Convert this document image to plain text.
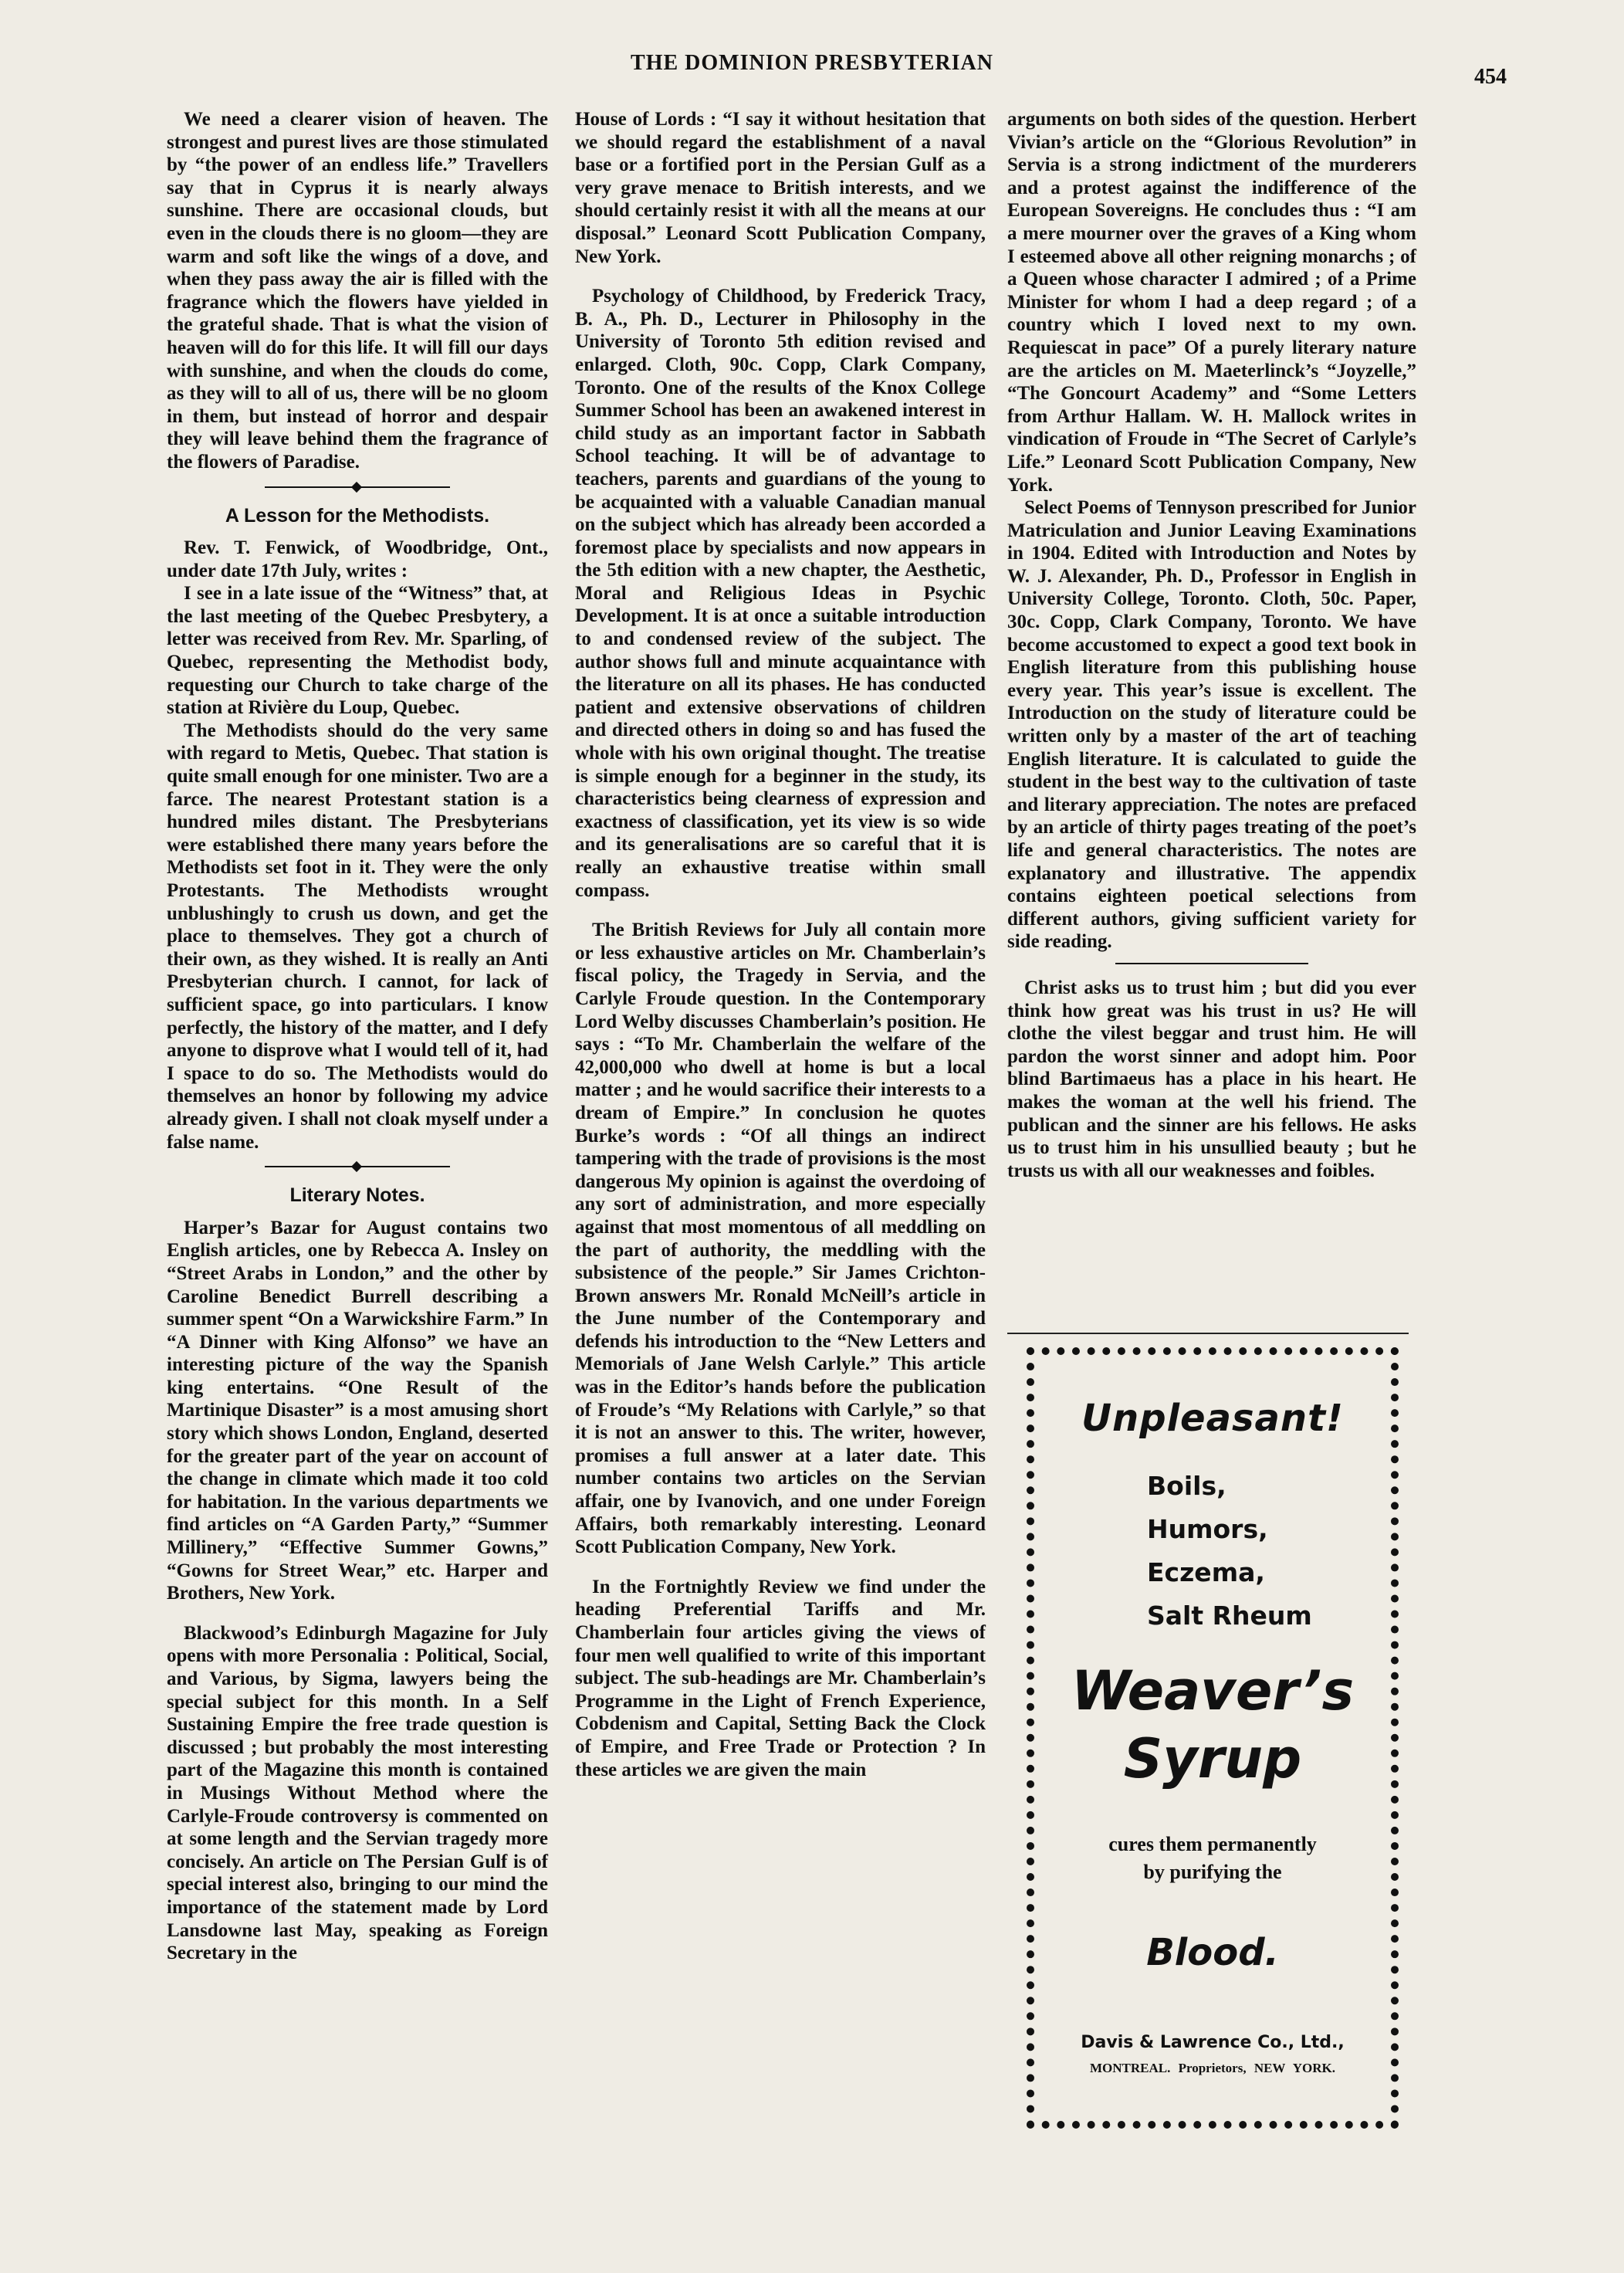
THE DOMINION PRESBYTERIAN
454

We need a clearer vision of heaven. The strongest and purest lives are those stimulated by “the power of an endless life.” Travellers say that in Cyprus it is nearly always sunshine. There are occasional clouds, but even in the clouds there is no gloom—they are warm and soft like the wings of a dove, and when they pass away the air is filled with the fragrance which the flowers have yielded in the grateful shade. That is what the vision of heaven will do for this life. It will fill our days with sunshine, and when the clouds do come, as they will to all of us, there will be no gloom in them, but instead of horror and despair they will leave behind them the fragrance of the flowers of Paradise.

A Lesson for the Methodists.

Rev. T. Fenwick, of Woodbridge, Ont., under date 17th July, writes :

I see in a late issue of the “Witness” that, at the last meeting of the Quebec Presbytery, a letter was received from Rev. Mr. Sparling, of Quebec, representing the Methodist body, requesting our Church to take charge of the station at Rivière du Loup, Quebec.

The Methodists should do the very same with regard to Metis, Quebec. That station is quite small enough for one minister. Two are a farce. The nearest Protestant station is a hundred miles distant. The Presbyterians were established there many years before the Methodists set foot in it. They were the only Protestants. The Methodists wrought unblushingly to crush us down, and get the place to themselves. They got a church of their own, as they wished. It is really an Anti Presbyterian church. I cannot, for lack of sufficient space, go into particulars. I know perfectly, the history of the matter, and I defy anyone to disprove what I would tell of it, had I space to do so. The Methodists would do themselves an honor by following my advice already given. I shall not cloak myself under a false name.

Literary Notes.

Harper’s Bazar for August contains two English articles, one by Rebecca A. Insley on “Street Arabs in London,” and the other by Caroline Benedict Burrell describing a summer spent “On a Warwickshire Farm.” In “A Dinner with King Alfonso” we have an interesting picture of the way the Spanish king entertains. “One Result of the Martinique Disaster” is a most amusing short story which shows London, England, deserted for the greater part of the year on account of the change in climate which made it too cold for habitation. In the various departments we find articles on “A Garden Party,” “Summer Millinery,” “Effective Summer Gowns,” “Gowns for Street Wear,” etc. Harper and Brothers, New York.

Blackwood’s Edinburgh Magazine for July opens with more Personalia : Political, Social, and Various, by Sigma, lawyers being the special subject for this month. In a Self Sustaining Empire the free trade question is discussed ; but probably the most interesting part of the Magazine this month is contained in Musings Without Method where the Carlyle-Froude controversy is commented on at some length and the Servian tragedy more concisely. An article on The Persian Gulf is of special interest also, bringing to our mind the importance of the statement made by Lord Lansdowne last May, speaking as Foreign Secretary in the

House of Lords : “I say it without hesitation that we should regard the establishment of a naval base or a fortified port in the Persian Gulf as a very grave menace to British interests, and we should certainly resist it with all the means at our disposal.” Leonard Scott Publication Company, New York.

Psychology of Childhood, by Frederick Tracy, B. A., Ph. D., Lecturer in Philosophy in the University of Toronto 5th edition revised and enlarged. Cloth, 90c. Copp, Clark Company, Toronto. One of the results of the Knox College Summer School has been an awakened interest in child study as an important factor in Sabbath School teaching. It will be of advantage to teachers, parents and guardians of the young to be acquainted with a valuable Canadian manual on the subject which has already been accorded a foremost place by specialists and now appears in the 5th edition with a new chapter, the Aesthetic, Moral and Religious Ideas in Psychic Development. It is at once a suitable introduction to and condensed review of the subject. The author shows full and minute acquaintance with the literature on all its phases. He has conducted patient and extensive observations of children and directed others in doing so and has fused the whole with his own original thought. The treatise is simple enough for a beginner in the study, its characteristics being clearness of expression and exactness of classification, yet its view is so wide and its generalisations are so careful that it is really an exhaustive treatise within small compass.

The British Reviews for July all contain more or less exhaustive articles on Mr. Chamberlain’s fiscal policy, the Tragedy in Servia, and the Carlyle Froude question. In the Contemporary Lord Welby discusses Chamberlain’s position. He says : “To Mr. Chamberlain the welfare of the 42,000,000 who dwell at home is but a local matter ; and he would sacrifice their interests to a dream of Empire.” In conclusion he quotes Burke’s words : “Of all things an indirect tampering with the trade of provisions is the most dangerous My opinion is against the overdoing of any sort of administration, and more especially against that most momentous of all meddling on the part of authority, the meddling with the subsistence of the people.” Sir James Crichton-Brown answers Mr. Ronald McNeill’s article in the June number of the Contemporary and defends his introduction to the “New Letters and Memorials of Jane Welsh Carlyle.” This article was in the Editor’s hands before the publication of Froude’s “My Relations with Carlyle,” so that it is not an answer to this. The writer, however, promises a full answer at a later date. This number contains two articles on the Servian affair, one by Ivanovich, and one under Foreign Affairs, both remarkably interesting. Leonard Scott Publication Company, New York.

In the Fortnightly Review we find under the heading Preferential Tariffs and Mr. Chamberlain four articles giving the views of four men well qualified to write of this important subject. The sub-headings are Mr. Chamberlain’s Programme in the Light of French Experience, Cobdenism and Capital, Setting Back the Clock of Empire, and Free Trade or Protection ? In these articles we are given the main

arguments on both sides of the question. Herbert Vivian’s article on the “Glorious Revolution” in Servia is a strong indictment of the murderers and a protest against the indifference of the European Sovereigns. He concludes thus : “I am a mere mourner over the graves of a King whom I esteemed above all other reigning monarchs ; of a Queen whose character I admired ; of a Prime Minister for whom I had a deep regard ; of a country which I loved next to my own. Requiescat in pace” Of a purely literary nature are the articles on M. Maeterlinck’s “Joyzelle,” “The Goncourt Academy” and “Some Letters from Arthur Hallam. W. H. Mallock writes in vindication of Froude in “The Secret of Carlyle’s Life.” Leonard Scott Publication Company, New York.

Select Poems of Tennyson prescribed for Junior Matriculation and Junior Leaving Examinations in 1904. Edited with Introduction and Notes by W. J. Alexander, Ph. D., Professor in English in University College, Toronto. Cloth, 50c. Paper, 30c. Copp, Clark Company, Toronto. We have become accustomed to expect a good text book in English literature from this publishing house every year. This year’s issue is excellent. The Introduction on the study of literature could be written only by a master of the art of teaching English literature. It is calculated to guide the student in the best way to the cultivation of taste and literary appreciation. The notes are prefaced by an article of thirty pages treating of the poet’s life and general characteristics. The notes are explanatory and illustrative. The appendix contains eighteen poetical selections from different authors, giving sufficient variety for side reading.

Christ asks us to trust him ; but did you ever think how great was his trust in us? He will clothe the vilest beggar and trust him. He will pardon the worst sinner and adopt him. Poor blind Bartimaeus has a place in his heart. He makes the woman at the well his friend. The publican and the sinner are his fellows. He asks us to trust him in his unsullied beauty ; but he trusts us with all our weaknesses and foibles.

Unpleasant!
Boils,
Humors,
Eczema,
Salt Rheum
Weaver’s
Syrup
cures them permanently
by purifying the
Blood.
Davis & Lawrence Co., Ltd.,
MONTREAL. Proprietors, NEW YORK.
